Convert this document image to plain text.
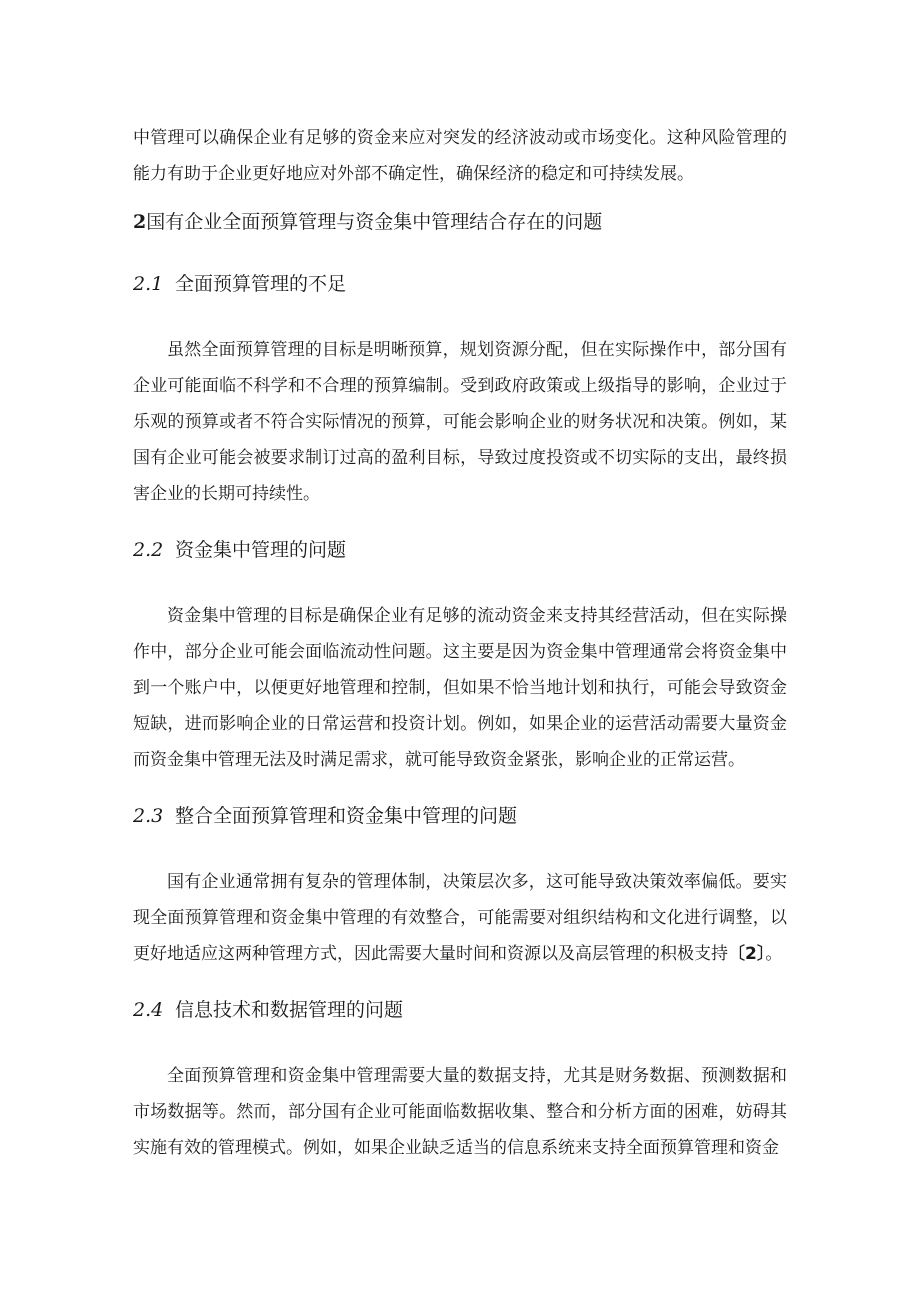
中管理可以确保企业有足够的资金来应对突发的经济波动或市场变化。这种风险管理的能力有助于企业更好地应对外部不确定性，确保经济的稳定和可持续发展。

2国有企业全面预算管理与资金集中管理结合存在的问题
2.1 全面预算管理的不足

虽然全面预算管理的目标是明晰预算，规划资源分配，但在实际操作中，部分国有企业可能面临不科学和不合理的预算编制。受到政府政策或上级指导的影响，企业过于乐观的预算或者不符合实际情况的预算，可能会影响企业的财务状况和决策。例如，某国有企业可能会被要求制订过高的盈利目标，导致过度投资或不切实际的支出，最终损害企业的长期可持续性。

2.2 资金集中管理的问题

资金集中管理的目标是确保企业有足够的流动资金来支持其经营活动，但在实际操作中，部分企业可能会面临流动性问题。这主要是因为资金集中管理通常会将资金集中到一个账户中，以便更好地管理和控制，但如果不恰当地计划和执行，可能会导致资金短缺，进而影响企业的日常运营和投资计划。例如，如果企业的运营活动需要大量资金而资金集中管理无法及时满足需求，就可能导致资金紧张，影响企业的正常运营。

2.3 整合全面预算管理和资金集中管理的问题

国有企业通常拥有复杂的管理体制，决策层次多，这可能导致决策效率偏低。要实现全面预算管理和资金集中管理的有效整合，可能需要对组织结构和文化进行调整，以更好地适应这两种管理方式，因此需要大量时间和资源以及高层管理的积极支持〔2〕。

2.4 信息技术和数据管理的问题

全面预算管理和资金集中管理需要大量的数据支持，尤其是财务数据、预测数据和市场数据等。然而，部分国有企业可能面临数据收集、整合和分析方面的困难，妨碍其实施有效的管理模式。例如，如果企业缺乏适当的信息系统来支持全面预算管理和资金
